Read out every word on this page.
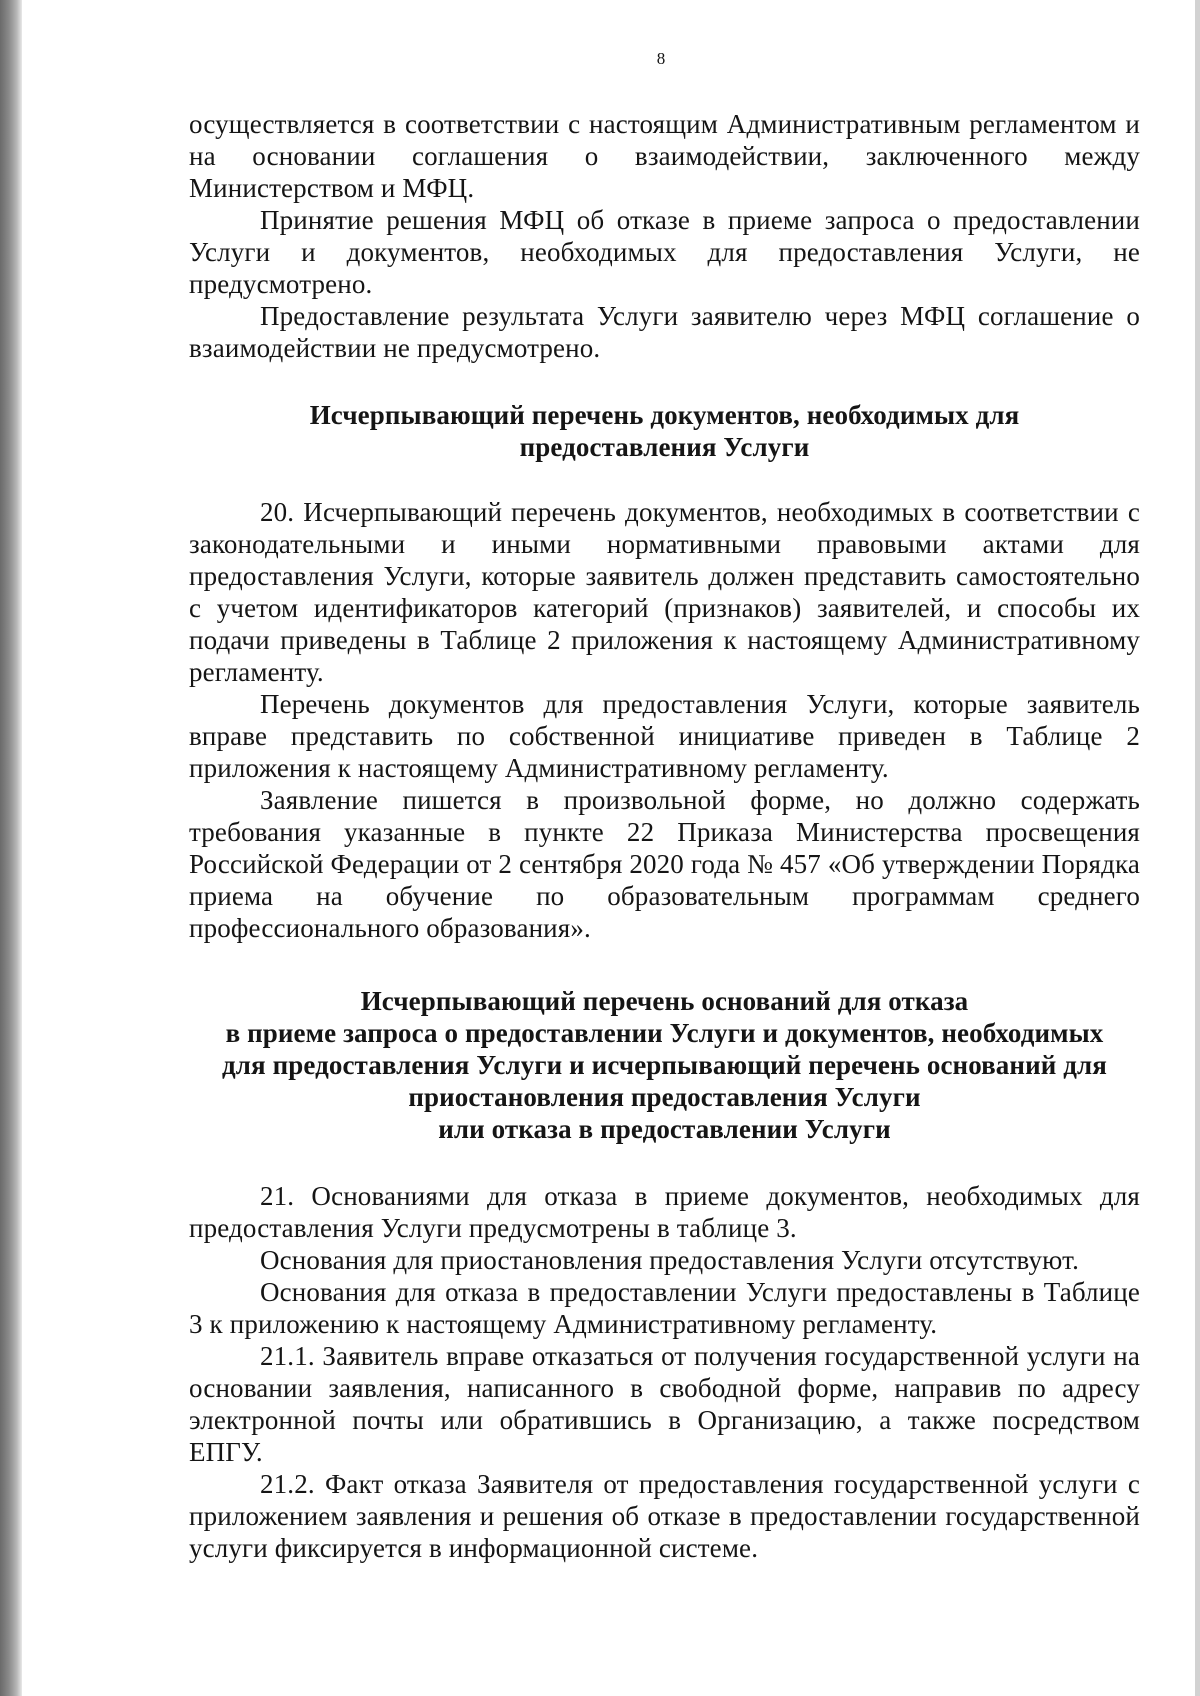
8

осуществляется в соответствии с настоящим Административным регламентом и на основании соглашения о взаимодействии, заключенного между Министерством и МФЦ.

Принятие решения МФЦ об отказе в приеме запроса о предоставлении Услуги и документов, необходимых для предоставления Услуги, не предусмотрено.

Предоставление результата Услуги заявителю через МФЦ соглашение о взаимодействии не предусмотрено.

Исчерпывающий перечень документов, необходимых для
предоставления Услуги

20. Исчерпывающий перечень документов, необходимых в соответствии с законодательными и иными нормативными правовыми актами для предоставления Услуги, которые заявитель должен представить самостоятельно с учетом идентификаторов категорий (признаков) заявителей, и способы их подачи приведены в Таблице 2 приложения к настоящему Административному регламенту.

Перечень документов для предоставления Услуги, которые заявитель вправе представить по собственной инициативе приведен в Таблице 2 приложения к настоящему Административному регламенту.

Заявление пишется в произвольной форме, но должно содержать требования указанные в пункте 22 Приказа Министерства просвещения Российской Федерации от 2 сентября 2020 года № 457 «Об утверждении Порядка приема на обучение по образовательным программам среднего профессионального образования».

Исчерпывающий перечень оснований для отказа
в приеме запроса о предоставлении Услуги и документов, необходимых
для предоставления Услуги и исчерпывающий перечень оснований для
приостановления предоставления Услуги
или отказа в предоставлении Услуги

21. Основаниями для отказа в приеме документов, необходимых для предоставления Услуги предусмотрены в таблице 3.

Основания для приостановления предоставления Услуги отсутствуют.

Основания для отказа в предоставлении Услуги предоставлены в Таблице 3 к приложению к настоящему Административному регламенту.

21.1. Заявитель вправе отказаться от получения государственной услуги на основании заявления, написанного в свободной форме, направив по адресу электронной почты или обратившись в Организацию, а также посредством ЕПГУ.

21.2. Факт отказа Заявителя от предоставления государственной услуги с приложением заявления и решения об отказе в предоставлении государственной услуги фиксируется в информационной системе.
